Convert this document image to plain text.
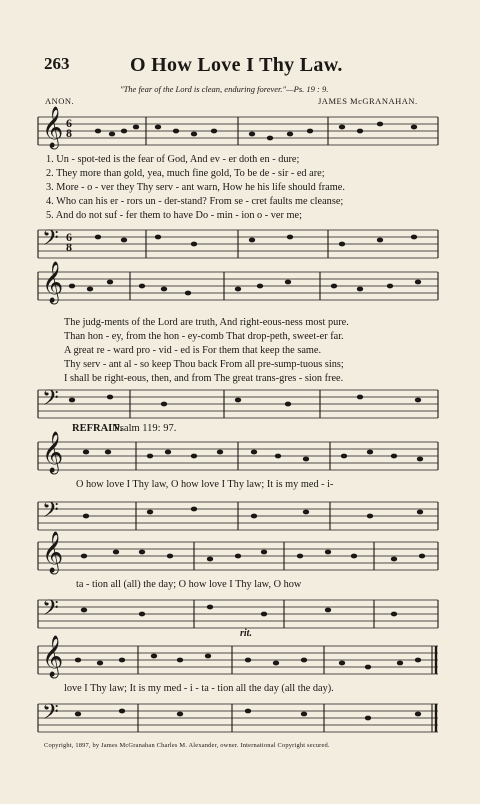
263	O How Love I Thy Law.
"The fear of the Lord is clean, enduring forever."—Ps. 19 : 9.
ANON.	JAMES McGRANAHAN.
𝄞 6
8
1. Un - spot-ted is the fear of God, And ev - er doth en - dure;
2. They more than gold, yea, much fine gold, To be de - sir - ed are;
3. More - o - ver they Thy serv - ant warn, How he his life should frame.
4. Who can his er - rors un - der-stand? From se - cret faults me cleanse;
5. And do not suf - fer them to have Do - min - ion o - ver me;
𝄢 6
8
𝄞
The judg-ments of the Lord are truth, And right-eous-ness most pure.
Than hon - ey, from the hon - ey-comb That drop-peth, sweet-er far.
A great re - ward pro - vid - ed is For them that keep the same.
Thy serv - ant al - so keep Thou back From all pre-sump-tuous sins;
I shall be right-eous, then, and from The great trans-gres - sion free.
𝄢
REFRAIN.
Psalm 119: 97.
𝄞
O how love I Thy law, O how love I Thy law; It is my med - i-
𝄢
𝄞
ta - tion all (all) the day; O how love I Thy law, O how
𝄢
rit.
𝄞
love I Thy law; It is my med - i - ta - tion all the day (all the day).
𝄢
Copyright, 1897, by James McGranahan Charles M. Alexander, owner. International Copyright secured.
